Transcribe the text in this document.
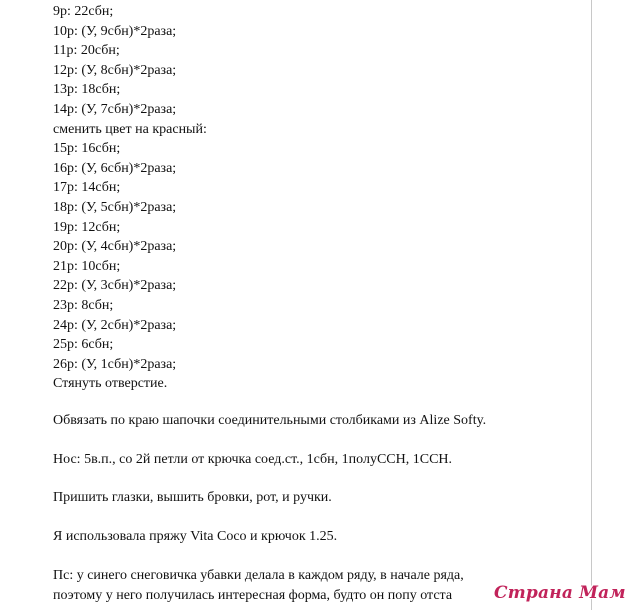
9р: 22сбн;

10р: (У, 9сбн)*2раза;

11р: 20сбн;

12р: (У, 8сбн)*2раза;

13р: 18сбн;

14р: (У, 7сбн)*2раза;

сменить цвет на красный:

15р: 16сбн;

16р: (У, 6сбн)*2раза;

17р: 14сбн;

18р: (У, 5сбн)*2раза;

19р: 12сбн;

20р: (У, 4сбн)*2раза;

21р: 10сбн;

22р: (У, 3сбн)*2раза;

23р: 8сбн;

24р: (У, 2сбн)*2раза;

25р: 6сбн;

26р: (У, 1сбн)*2раза;

Стянуть отверстие.

Обвязать по краю шапочки соединительными столбиками из Alize Softy.

Нос: 5в.п., со 2й петли от крючка соед.ст., 1сбн, 1полуССН, 1ССН.

Пришить глазки, вышить бровки, рот, и ручки.

Я использовала пряжу Vita Coco и крючок 1.25.

Пс: у синего снеговичка убавки делала в каждом ряду, в начале ряда,
поэтому у него получилась интересная форма, будто он попу отста	Страна Мам
